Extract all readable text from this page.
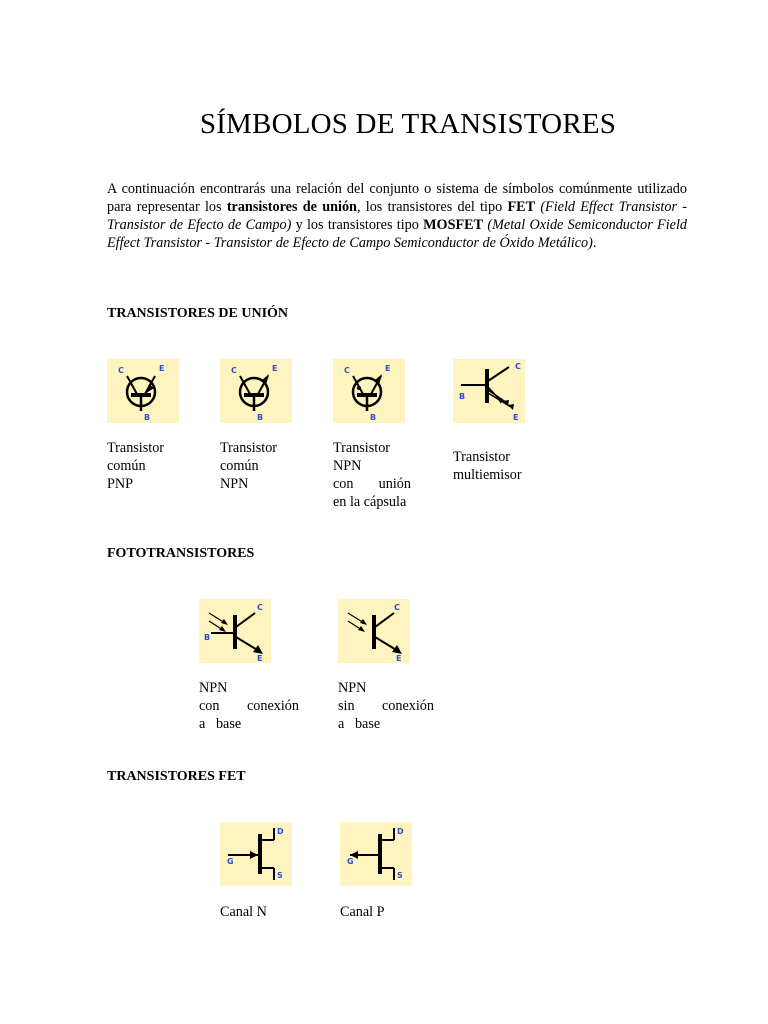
SÍMBOLOS DE TRANSISTORES

A continuación encontrarás una relación del conjunto o sistema de símbolos comúnmente utilizado para representar los transistores de unión, los transistores del tipo FET (Field Effect Transistor - Transistor de Efecto de Campo) y los transistores tipo MOSFET (Metal Oxide Semiconductor Field Effect Transistor - Transistor de Efecto de Campo Semiconductor de Óxido Metálico).

TRANSISTORES DE UNIÓN
C	E
B
C	E
B
C	E
B
C
B
E
Transistor
común
PNP
Transistor
común
NPN
Transistor
NPN
con unión
en la cápsula
Transistor
multiemisor
FOTOTRANSISTORES
C
B
E
C
E
NPN
con conexión
a base
NPN
sin conexión
a base
TRANSISTORES FET
D
G
S
D
G
S
Canal N	Canal P
